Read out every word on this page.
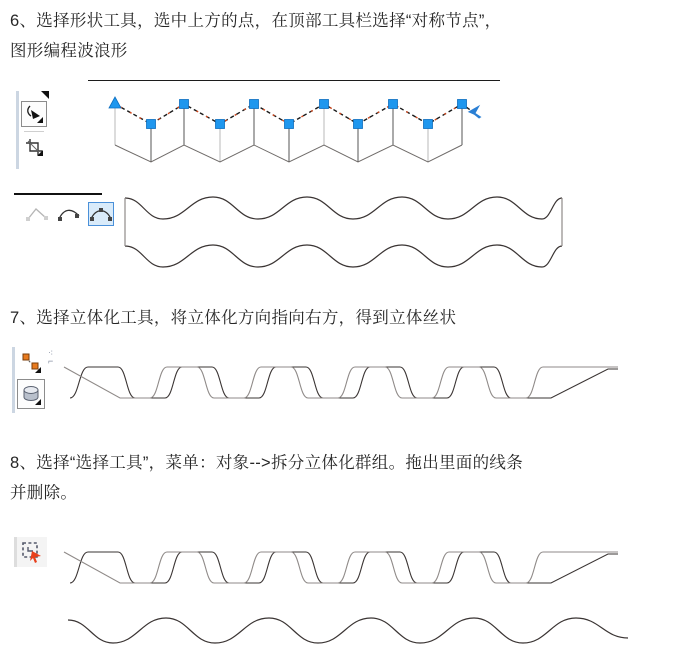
6、选择形状工具，选中上方的点，在顶部工具栏选择“对称节点”，
图形编程波浪形
7、选择立体化工具，将立体化方向指向右方，得到立体丝状
⁖
⌐
8、选择“选择工具”，菜单：对象-->拆分立体化群组。拖出里面的线条
并删除。
